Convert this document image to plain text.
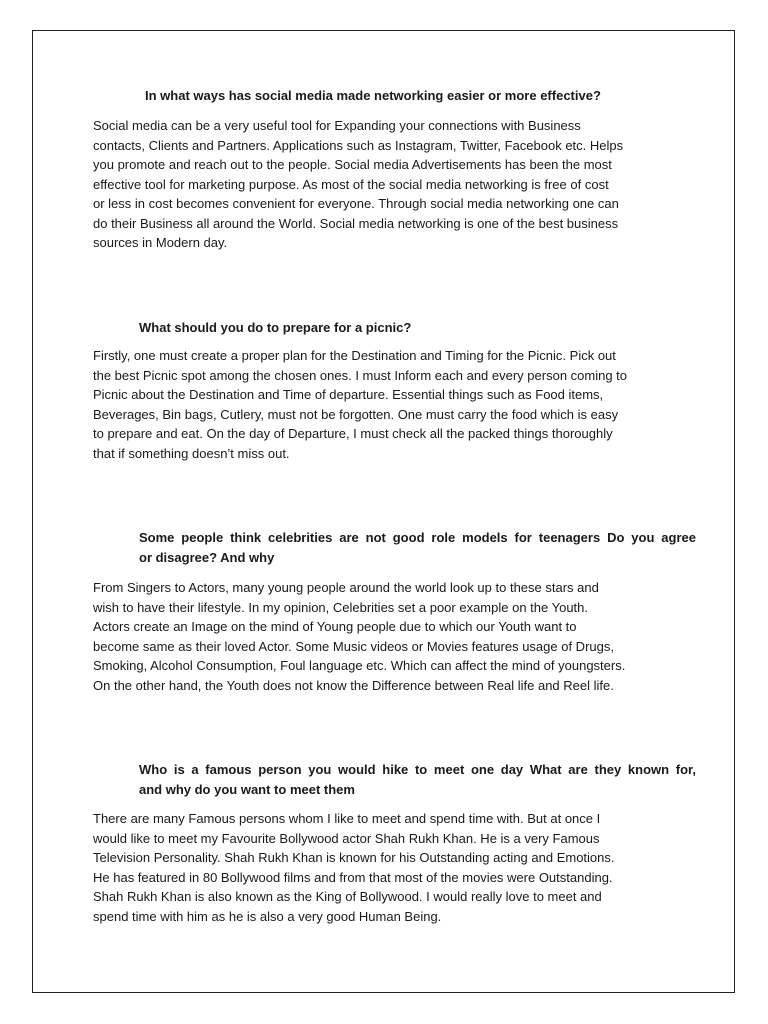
In what ways has social media made networking easier or more effective?

Social media can be a very useful tool for Expanding your connections with Business
contacts, Clients and Partners. Applications such as Instagram, Twitter, Facebook etc. Helps
you promote and reach out to the people. Social media Advertisements has been the most
effective tool for marketing purpose. As most of the social media networking is free of cost
or less in cost becomes convenient for everyone. Through social media networking one can
do their Business all around the World. Social media networking is one of the best business
sources in Modern day.

What should you do to prepare for a picnic?

Firstly, one must create a proper plan for the Destination and Timing for the Picnic. Pick out
the best Picnic spot among the chosen ones. I must Inform each and every person coming to
Picnic about the Destination and Time of departure. Essential things such as Food items,
Beverages, Bin bags, Cutlery, must not be forgotten. One must carry the food which is easy
to prepare and eat. On the day of Departure, I must check all the packed things thoroughly
that if something doesn’t miss out.
Some people think celebrities are not good role models for teenagers Do you agree
or disagree? And why
From Singers to Actors, many young people around the world look up to these stars and
wish to have their lifestyle. In my opinion, Celebrities set a poor example on the Youth.
Actors create an Image on the mind of Young people due to which our Youth want to
become same as their loved Actor. Some Music videos or Movies features usage of Drugs,
Smoking, Alcohol Consumption, Foul language etc. Which can affect the mind of youngsters.
On the other hand, the Youth does not know the Difference between Real life and Reel life.
Who is a famous person you would hike to meet one day What are they known for,
and why do you want to meet them
There are many Famous persons whom I like to meet and spend time with. But at once I
would like to meet my Favourite Bollywood actor Shah Rukh Khan. He is a very Famous
Television Personality. Shah Rukh Khan is known for his Outstanding acting and Emotions.
He has featured in 80 Bollywood films and from that most of the movies were Outstanding.
Shah Rukh Khan is also known as the King of Bollywood. I would really love to meet and
spend time with him as he is also a very good Human Being.
